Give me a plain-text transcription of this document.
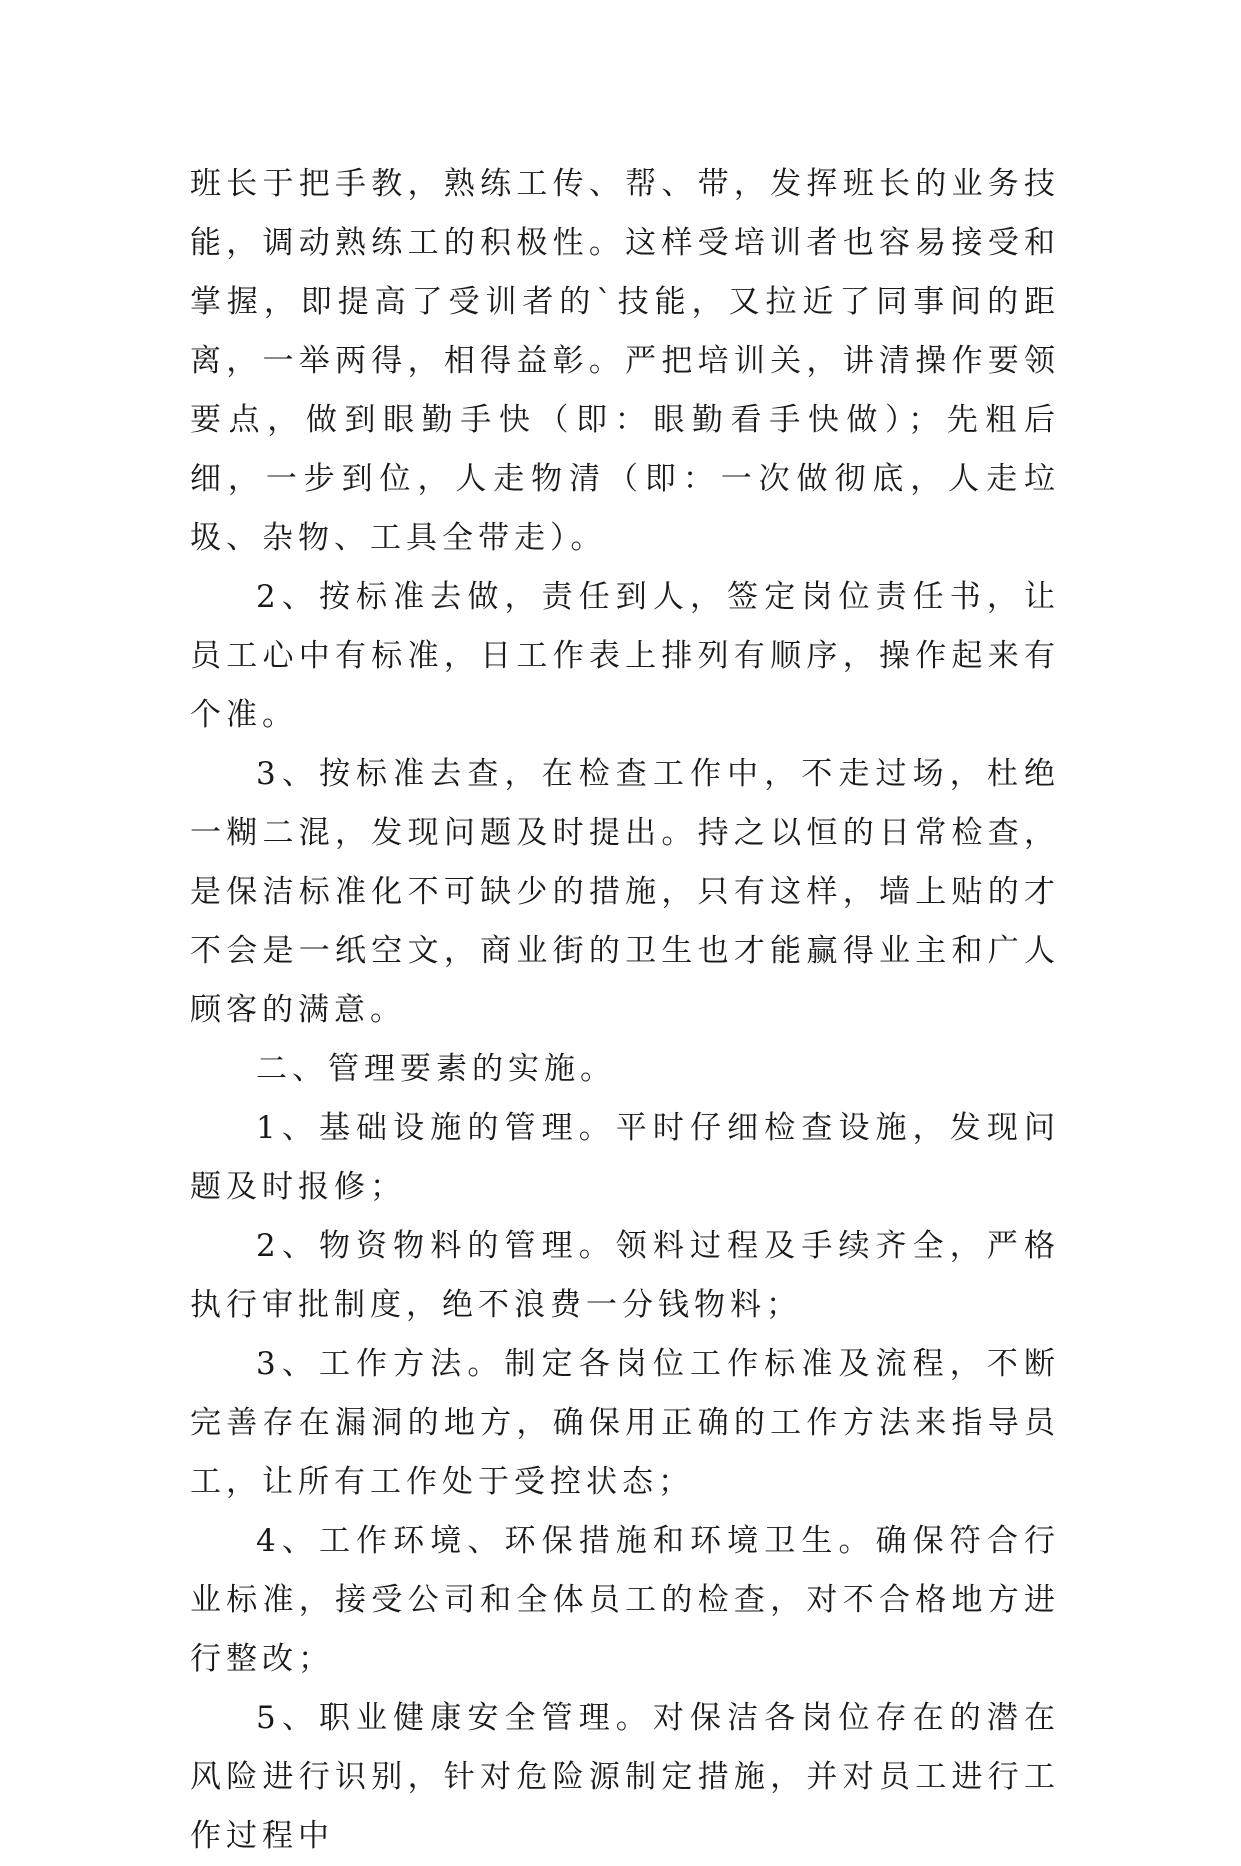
班长于把手教，熟练工传、帮、带，发挥班长的业务技能，调动熟练工的积极性。这样受培训者也容易接受和掌握，即提高了受训者的`技能，又拉近了同事间的距离，一举两得，相得益彰。严把培训关，讲清操作要领要点，做到眼勤手快（即：眼勤看手快做）；先粗后细，一步到位，人走物清（即：一次做彻底，人走垃圾、杂物、工具全带走）。

2、按标准去做，责任到人，签定岗位责任书，让员工心中有标准，日工作表上排列有顺序，操作起来有个准。

3、按标准去查，在检查工作中，不走过场，杜绝一糊二混，发现问题及时提出。持之以恒的日常检查，是保洁标准化不可缺少的措施，只有这样，墙上贴的才不会是一纸空文，商业街的卫生也才能赢得业主和广人顾客的满意。

二、管理要素的实施。

1、基础设施的管理。平时仔细检查设施，发现问题及时报修；

2、物资物料的管理。领料过程及手续齐全，严格执行审批制度，绝不浪费一分钱物料；

3、工作方法。制定各岗位工作标准及流程，不断完善存在漏洞的地方，确保用正确的工作方法来指导员工，让所有工作处于受控状态；

4、工作环境、环保措施和环境卫生。确保符合行业标准，接受公司和全体员工的检查，对不合格地方进行整改；

5、职业健康安全管理。对保洁各岗位存在的潜在风险进行识别，针对危险源制定措施，并对员工进行工作过程中
